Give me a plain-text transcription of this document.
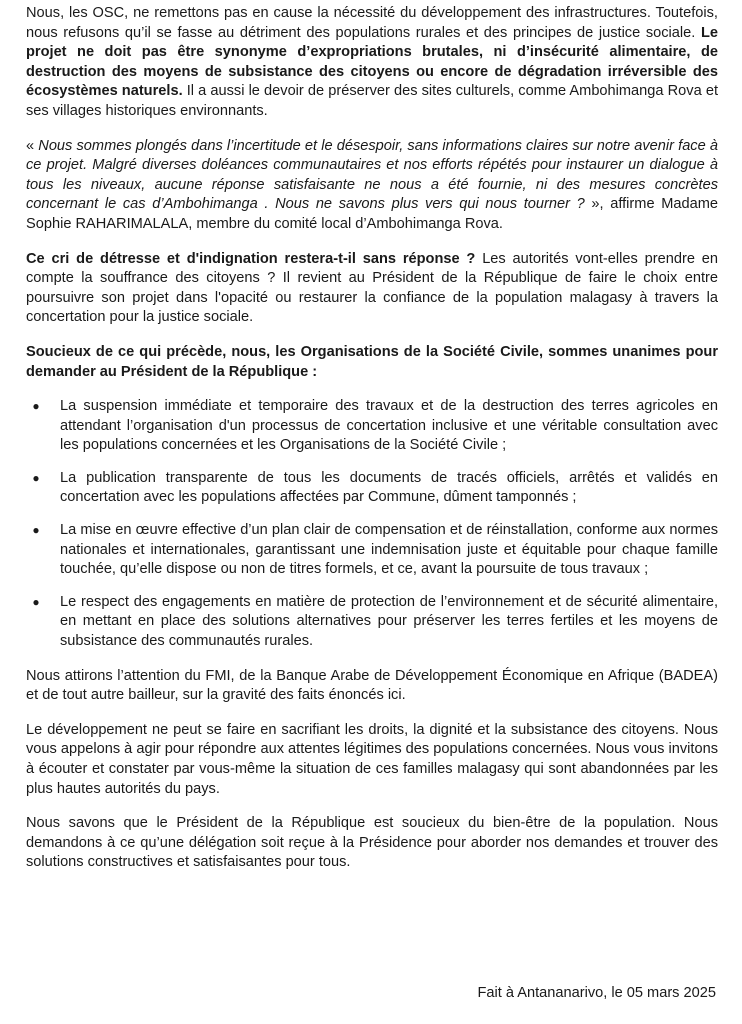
Nous, les OSC, ne remettons pas en cause la nécessité du développement des infrastructures. Toutefois, nous refusons qu’il se fasse au détriment des populations rurales et des principes de justice sociale. Le projet ne doit pas être synonyme d’expropriations brutales, ni d’insécurité alimentaire, de destruction des moyens de subsistance des citoyens ou encore de dégradation irréversible des écosystèmes naturels. Il a aussi le devoir de préserver des sites culturels, comme Ambohimanga Rova et ses villages historiques environnants.

« Nous sommes plongés dans l’incertitude et le désespoir, sans informations claires sur notre avenir face à ce projet. Malgré diverses doléances communautaires et nos efforts répétés pour instaurer un dialogue à tous les niveaux, aucune réponse satisfaisante ne nous a été fournie, ni des mesures concrètes concernant le cas d’Ambohimanga . Nous ne savons plus vers qui nous tourner ? », affirme Madame Sophie RAHARIMALALA, membre du comité local d’Ambohimanga Rova.

Ce cri de détresse et d'indignation restera-t-il sans réponse ? Les autorités vont-elles prendre en compte la souffrance des citoyens ? Il revient au Président de la République de faire le choix entre poursuivre son projet dans l'opacité ou restaurer la confiance de la population malagasy à travers la concertation pour la justice sociale.

Soucieux de ce qui précède, nous, les Organisations de la Société Civile, sommes unanimes pour demander au Président de la République :

● La suspension immédiate et temporaire des travaux et de la destruction des terres agricoles en attendant l’organisation d'un processus de concertation inclusive et une véritable consultation avec les populations concernées et les Organisations de la Société Civile ;
● La publication transparente de tous les documents de tracés officiels, arrêtés et validés en concertation avec les populations affectées par Commune, dûment tamponnés ;
● La mise en œuvre effective d’un plan clair de compensation et de réinstallation, conforme aux normes nationales et internationales, garantissant une indemnisation juste et équitable pour chaque famille touchée, qu’elle dispose ou non de titres formels, et ce, avant la poursuite de tous travaux ;
● Le respect des engagements en matière de protection de l’environnement et de sécurité alimentaire, en mettant en place des solutions alternatives pour préserver les terres fertiles et les moyens de subsistance des communautés rurales.

Nous attirons l’attention du FMI, de la Banque Arabe de Développement Économique en Afrique (BADEA) et de tout autre bailleur, sur la gravité des faits énoncés ici.

Le développement ne peut se faire en sacrifiant les droits, la dignité et la subsistance des citoyens. Nous vous appelons à agir pour répondre aux attentes légitimes des populations concernées. Nous vous invitons à écouter et constater par vous-même la situation de ces familles malagasy qui sont abandonnées par les plus hautes autorités du pays.

Nous savons que le Président de la République est soucieux du bien-être de la population. Nous demandons à ce qu’une délégation soit reçue à la Présidence pour aborder nos demandes et trouver des solutions constructives et satisfaisantes pour tous.

Fait à Antananarivo, le 05 mars 2025
